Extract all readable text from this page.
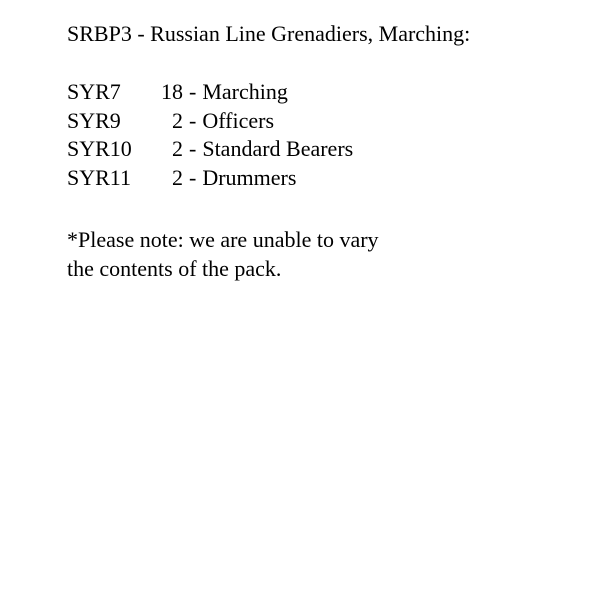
SRBP3 - Russian Line Grenadiers, Marching:
SYR7 18 - Marching
SYR9 2 - Officers
SYR10 2 - Standard Bearers
SYR11 2 - Drummers
*Please note: we are unable to vary
the contents of the pack.
